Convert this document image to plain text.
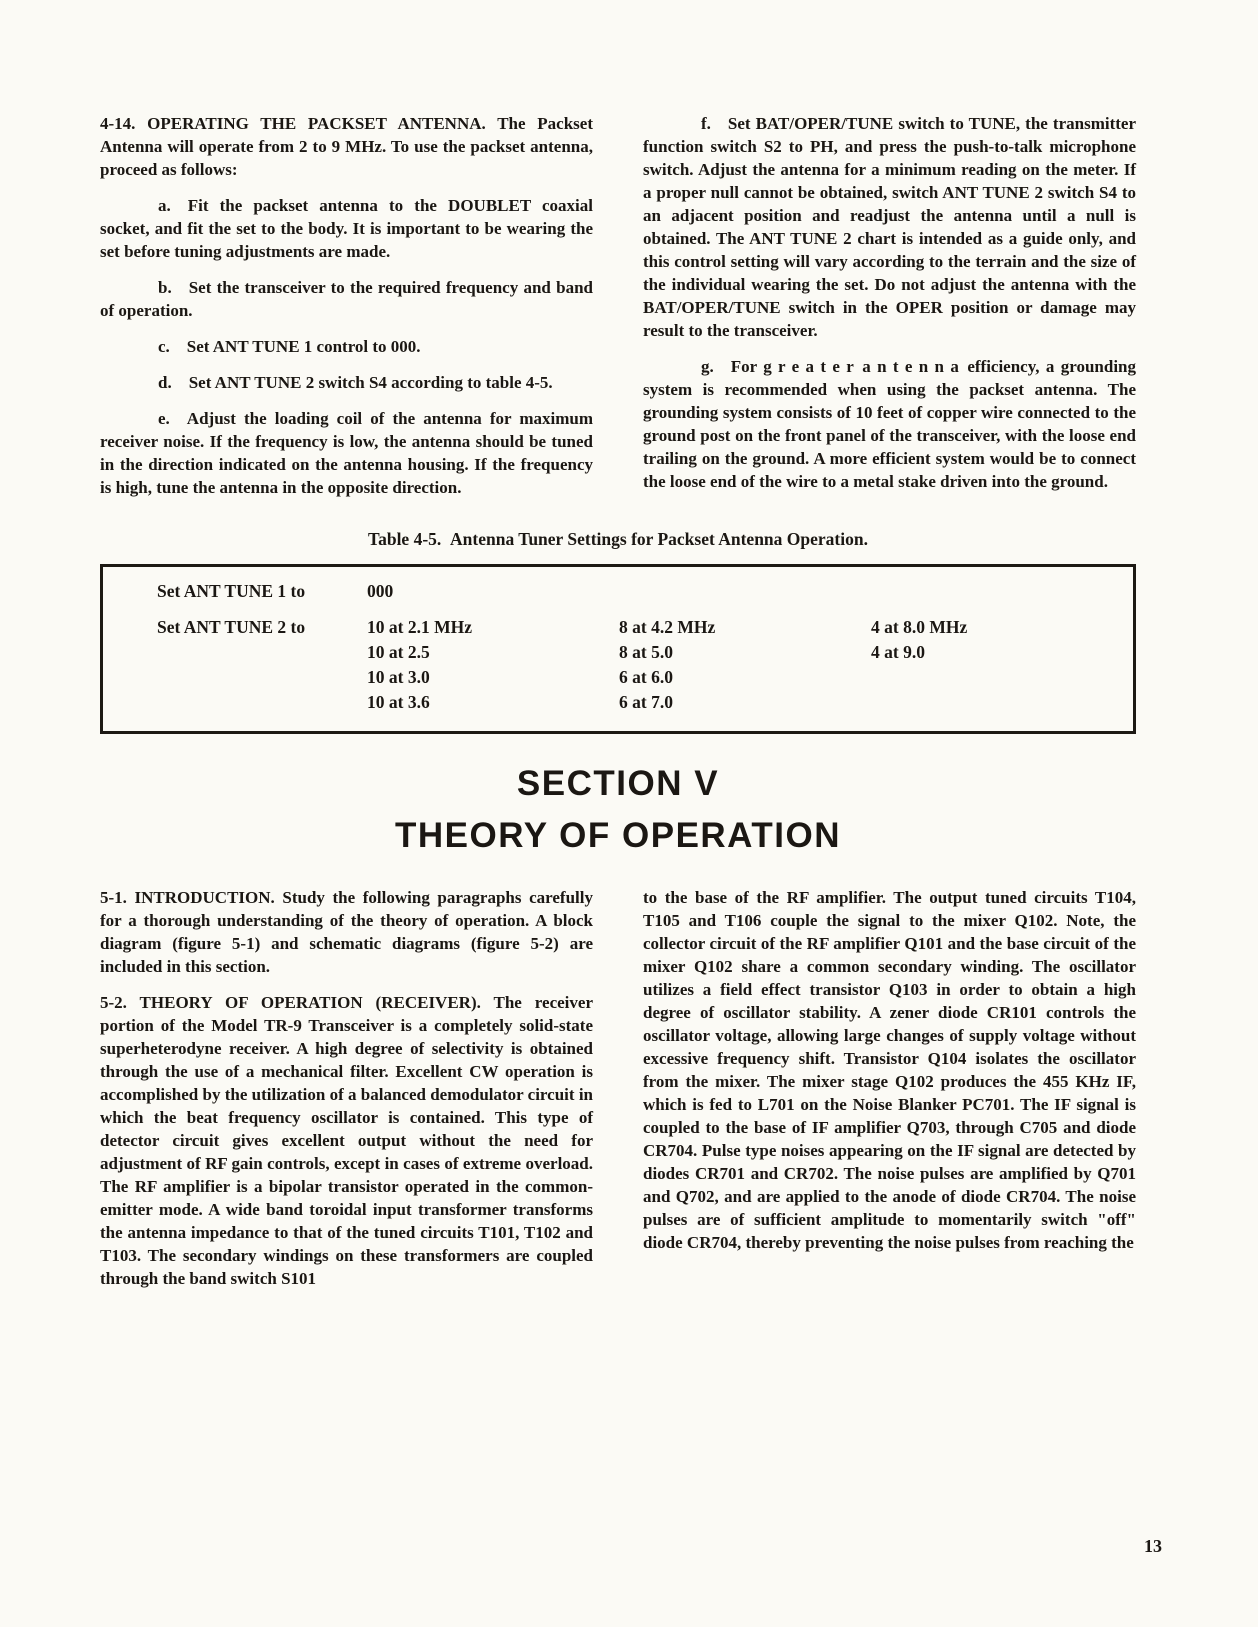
4-14. OPERATING THE PACKSET ANTENNA. The Packset Antenna will operate from 2 to 9 MHz. To use the packset antenna, proceed as follows:

a. Fit the packset antenna to the DOUBLET coaxial socket, and fit the set to the body. It is important to be wearing the set before tuning adjustments are made.

b. Set the transceiver to the required frequency and band of operation.

c. Set ANT TUNE 1 control to 000.

d. Set ANT TUNE 2 switch S4 according to table 4-5.

e. Adjust the loading coil of the antenna for maximum receiver noise. If the frequency is low, the antenna should be tuned in the direction indicated on the antenna housing. If the frequency is high, tune the antenna in the opposite direction.

f. Set BAT/OPER/TUNE switch to TUNE, the transmitter function switch S2 to PH, and press the push-to-talk microphone switch. Adjust the antenna for a minimum reading on the meter. If a proper null cannot be obtained, switch ANT TUNE 2 switch S4 to an adjacent position and readjust the antenna until a null is obtained. The ANT TUNE 2 chart is intended as a guide only, and this control setting will vary according to the terrain and the size of the individual wearing the set. Do not adjust the antenna with the BAT/OPER/TUNE switch in the OPER position or damage may result to the transceiver.

g. For g r e a t e r a n t e n n a efficiency, a grounding system is recommended when using the packset antenna. The grounding system consists of 10 feet of copper wire connected to the ground post on the front panel of the transceiver, with the loose end trailing on the ground. A more efficient system would be to connect the loose end of the wire to a metal stake driven into the ground.

Table 4-5. Antenna Tuner Settings for Packset Antenna Operation.

Set ANT TUNE 1 to	000
Set ANT TUNE 2 to	10 at 2.1 MHz
10 at 2.5
10 at 3.0
10 at 3.6
8 at 4.2 MHz
8 at 5.0
6 at 6.0
6 at 7.0
4 at 8.0 MHz
4 at 9.0
SECTION V
THEORY OF OPERATION

5-1. INTRODUCTION. Study the following paragraphs carefully for a thorough understanding of the theory of operation. A block diagram (figure 5-1) and schematic diagrams (figure 5-2) are included in this section.

5-2. THEORY OF OPERATION (RECEIVER). The receiver portion of the Model TR-9 Transceiver is a completely solid-state superheterodyne receiver. A high degree of selectivity is obtained through the use of a mechanical filter. Excellent CW operation is accomplished by the utilization of a balanced demodulator circuit in which the beat frequency oscillator is contained. This type of detector circuit gives excellent output without the need for adjustment of RF gain controls, except in cases of extreme overload. The RF amplifier is a bipolar transistor operated in the common-emitter mode. A wide band toroidal input transformer transforms the antenna impedance to that of the tuned circuits T101, T102 and T103. The secondary windings on these transformers are coupled through the band switch S101

to the base of the RF amplifier. The output tuned circuits T104, T105 and T106 couple the signal to the mixer Q102. Note, the collector circuit of the RF amplifier Q101 and the base circuit of the mixer Q102 share a common secondary winding. The oscillator utilizes a field effect transistor Q103 in order to obtain a high degree of oscillator stability. A zener diode CR101 controls the oscillator voltage, allowing large changes of supply voltage without excessive frequency shift. Transistor Q104 isolates the oscillator from the mixer. The mixer stage Q102 produces the 455 KHz IF, which is fed to L701 on the Noise Blanker PC701. The IF signal is coupled to the base of IF amplifier Q703, through C705 and diode CR704. Pulse type noises appearing on the IF signal are detected by diodes CR701 and CR702. The noise pulses are amplified by Q701 and Q702, and are applied to the anode of diode CR704. The noise pulses are of sufficient amplitude to momentarily switch "off" diode CR704, thereby preventing the noise pulses from reaching the

13
